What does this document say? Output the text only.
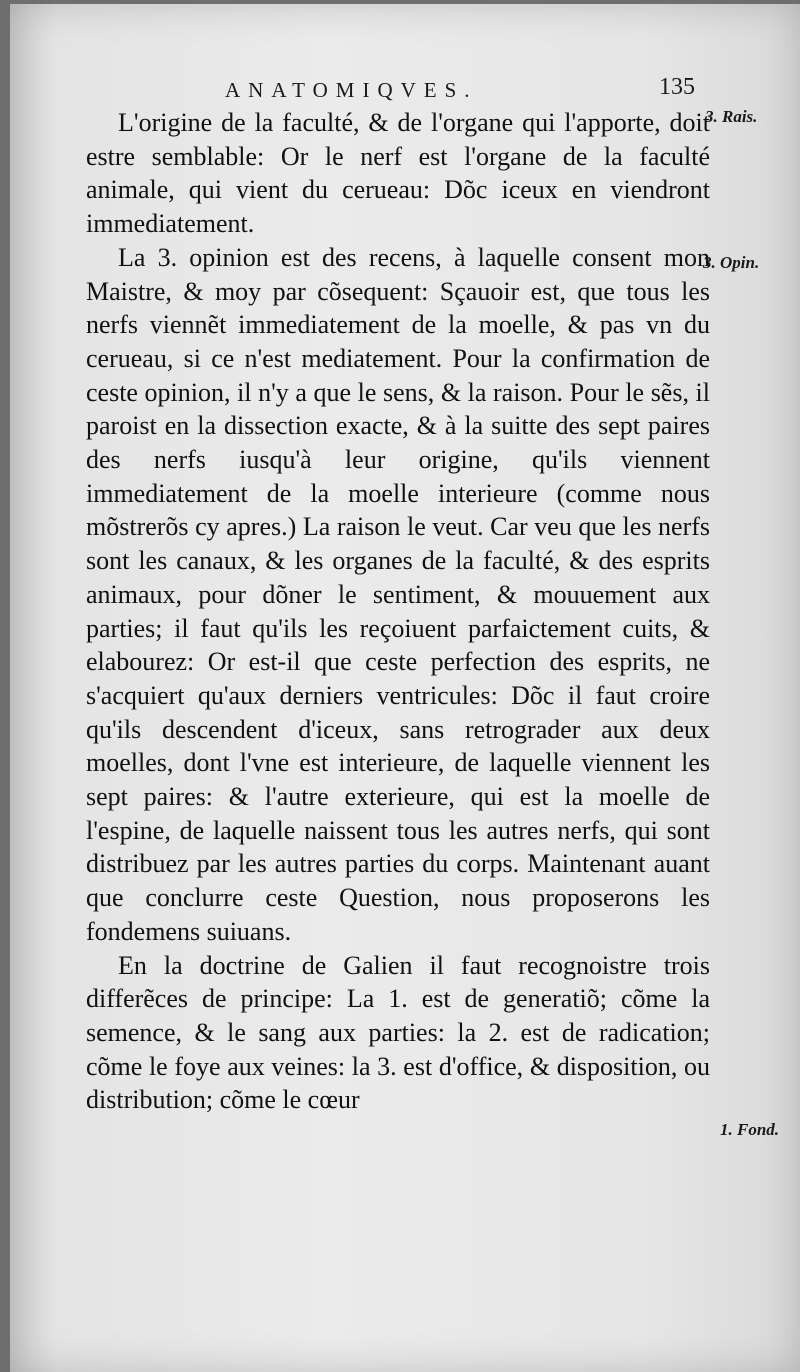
ANATOMIQVES.	135
3. Rais.
3. Opin.
1. Fond.

L'origine de la faculté, & de l'organe qui l'apporte, doit estre semblable: Or le nerf est l'organe de la faculté animale, qui vient du cerueau: Dõc iceux en viendront immediatement.

La 3. opinion est des recens, à laquelle consent mon Maistre, & moy par cõsequent: Sçauoir est, que tous les nerfs viennẽt immediatement de la moelle, & pas vn du cerueau, si ce n'est mediatement. Pour la confirmation de ceste opinion, il n'y a que le sens, & la raison. Pour le sẽs, il paroist en la dissection exacte, & à la suitte des sept paires des nerfs iusqu'à leur origine, qu'ils viennent immediatement de la moelle interieure (comme nous mõstrerõs cy apres.) La raison le veut. Car veu que les nerfs sont les canaux, & les organes de la faculté, & des esprits animaux, pour dõner le sentiment, & mouuement aux parties; il faut qu'ils les reçoiuent parfaictement cuits, & elabourez: Or est-il que ceste perfection des esprits, ne s'acquiert qu'aux derniers ventricules: Dõc il faut croire qu'ils descendent d'iceux, sans retrograder aux deux moelles, dont l'vne est interieure, de laquelle viennent les sept paires: & l'autre exterieure, qui est la moelle de l'espine, de laquelle naissent tous les autres nerfs, qui sont distribuez par les autres parties du corps. Maintenant auant que conclurre ceste Question, nous proposerons les fondemens suiuans.

En la doctrine de Galien il faut recognoistre trois differẽces de principe: La 1. est de generatiõ; cõme la semence, & le sang aux parties: la 2. est de radication; cõme le foye aux veines: la 3. est d'office, & disposition, ou distribution; cõme le cœur
